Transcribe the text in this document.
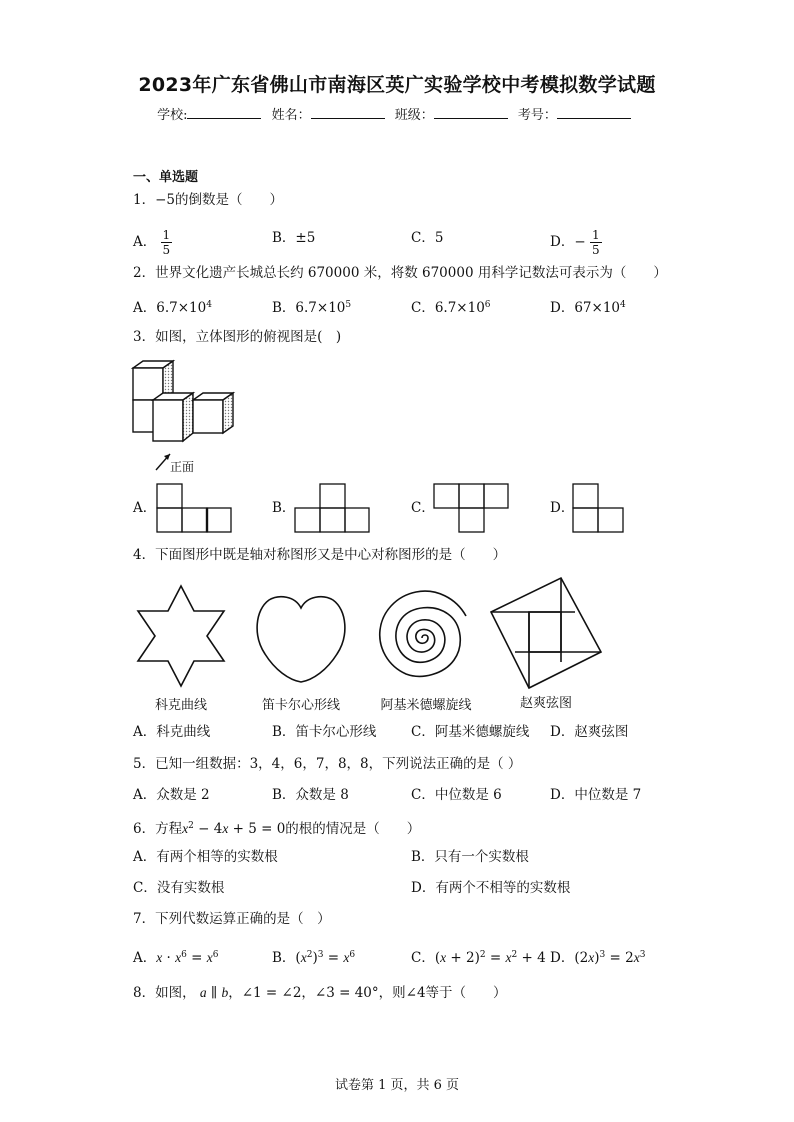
2023年广东省佛山市南海区英广实验学校中考模拟数学试题
学校:	姓名：	班级：	考号：
一、单选题
1．−5的倒数是（　　）
A． $\frac{1}{5}$	B．±5	C．5	D．− $\frac{1}{5}$
2．世界文化遗产长城总长约 670000 米，将数 670000 用科学记数法可表示为（　　）
A．$6.7\times 10^4$	B．$6.7\times 10^5$	C．$6.7\times 10^6$	D．$67\times 10^4$
3．如图，立体图形的俯视图是(　)
正面
A．	B．	C．	D．
4．下面图形中既是轴对称图形又是中心对称图形的是（　　）
科克曲线	笛卡尔心形线	阿基米德螺旋线	赵爽弦图
A．科克曲线	B．笛卡尔心形线	C．阿基米德螺旋线 D．赵爽弦图
5．已知一组数据：3，4，6，7，8，8，下列说法正确的是（ ）
A．众数是 2	B．众数是 8	C．中位数是 6	D．中位数是 7
6．方程$x^2 - 4x + 5 = 0$的根的情况是（　　）
A．有两个相等的实数根	B．只有一个实数根
C．没有实数根	D．有两个不相等的实数根
7．下列代数运算正确的是（　）
A．$x \cdot x^6 = x^6$	B．$(x^2)^3 = x^6$	C．$(x + 2)^2 = x^2 + 4$ D．$(2x)^3 = 2x^3$
8．如图， a ∥ b，∠1 = ∠2，∠3 = 40°，则∠4等于（　　）
试卷第 1 页，共 6 页
